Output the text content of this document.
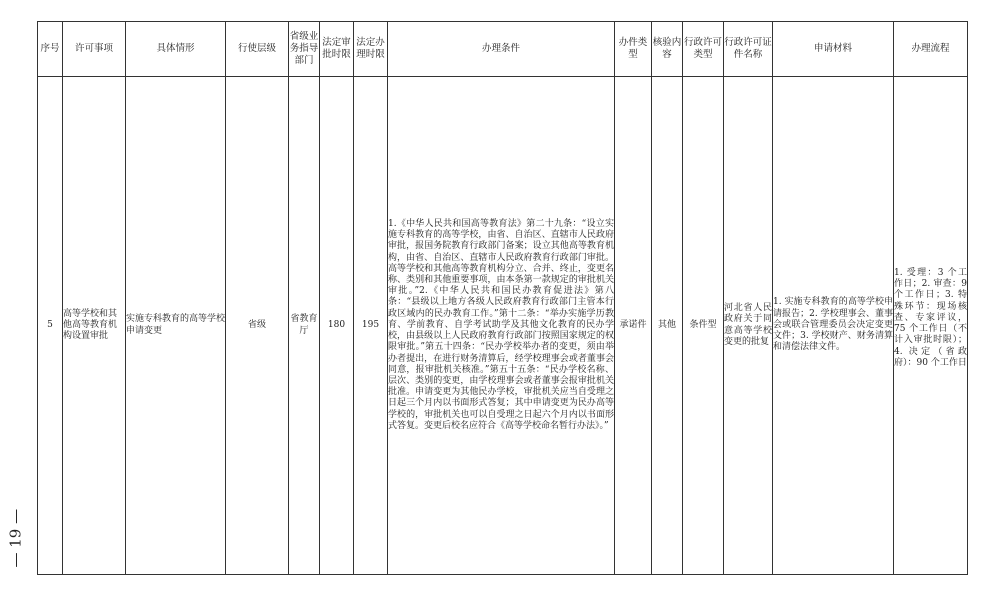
— 19 —
序号	许可事项	具体情形	行使层级	省级业务指导部门	法定审批时限	法定办理时限	办理条件	办件类型	核验内容	行政许可类型	行政许可证件名称	申请材料	办理流程
5	高等学校和其他高等教育机构设置审批	实施专科教育的高等学校申请变更	省级	省教育厅	180	195	1.《中华人民共和国高等教育法》第二十九条：“设立实施专科教育的高等学校，由省、自治区、直辖市人民政府审批，报国务院教育行政部门备案；设立其他高等教育机构，由省、自治区、直辖市人民政府教育行政部门审批。高等学校和其他高等教育机构分立、合并、终止，变更名称、类别和其他重要事项，由本条第一款规定的审批机关审批。”2.《中华人民共和国民办教育促进法》第八条：“县级以上地方各级人民政府教育行政部门主管本行政区域内的民办教育工作。”第十二条：“举办实施学历教育、学前教育、自学考试助学及其他文化教育的民办学校，由县级以上人民政府教育行政部门按照国家规定的权限审批。”第五十四条：“民办学校举办者的变更，须由举办者提出，在进行财务清算后，经学校理事会或者董事会同意，报审批机关核准。”第五十五条：“民办学校名称、层次、类别的变更，由学校理事会或者董事会报审批机关批准。申请变更为其他民办学校，审批机关应当自受理之日起三个月内以书面形式答复；其中申请变更为民办高等学校的，审批机关也可以自受理之日起六个月内以书面形式答复。变更后校名应符合《高等学校命名暂行办法》。”	承诺件	其他	条件型	河北省人民政府关于同意高等学校变更的批复	1. 实施专科教育的高等学校申请报告；2. 学校理事会、董事会或联合管理委员会决定变更文件；3. 学校财产、财务清算和清偿法律文件。	1. 受理：3 个工作日；2. 审查：9 个工作日；3. 特殊环节：现场核查、专家评议，75 个工作日（不计入审批时限）；4. 决定（省政府）：90 个工作日
